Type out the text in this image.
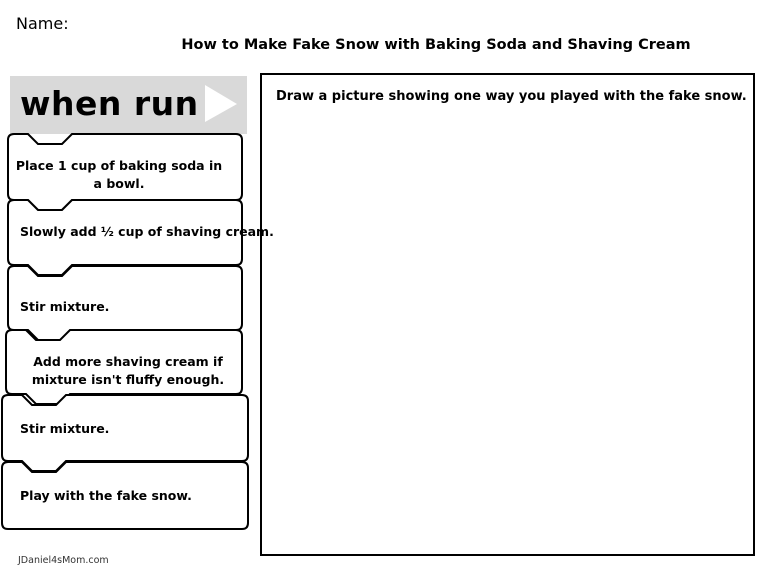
Name:
How to Make Fake Snow with Baking Soda and Shaving Cream
when run
Place 1 cup of baking soda in a bowl.
Slowly add ½ cup of shaving cream.
Stir mixture.
Add more shaving cream if mixture isn't fluffy enough.
Stir mixture.
Play with the fake snow.
Draw a picture showing one way you played with the fake snow.
JDaniel4sMom.com
